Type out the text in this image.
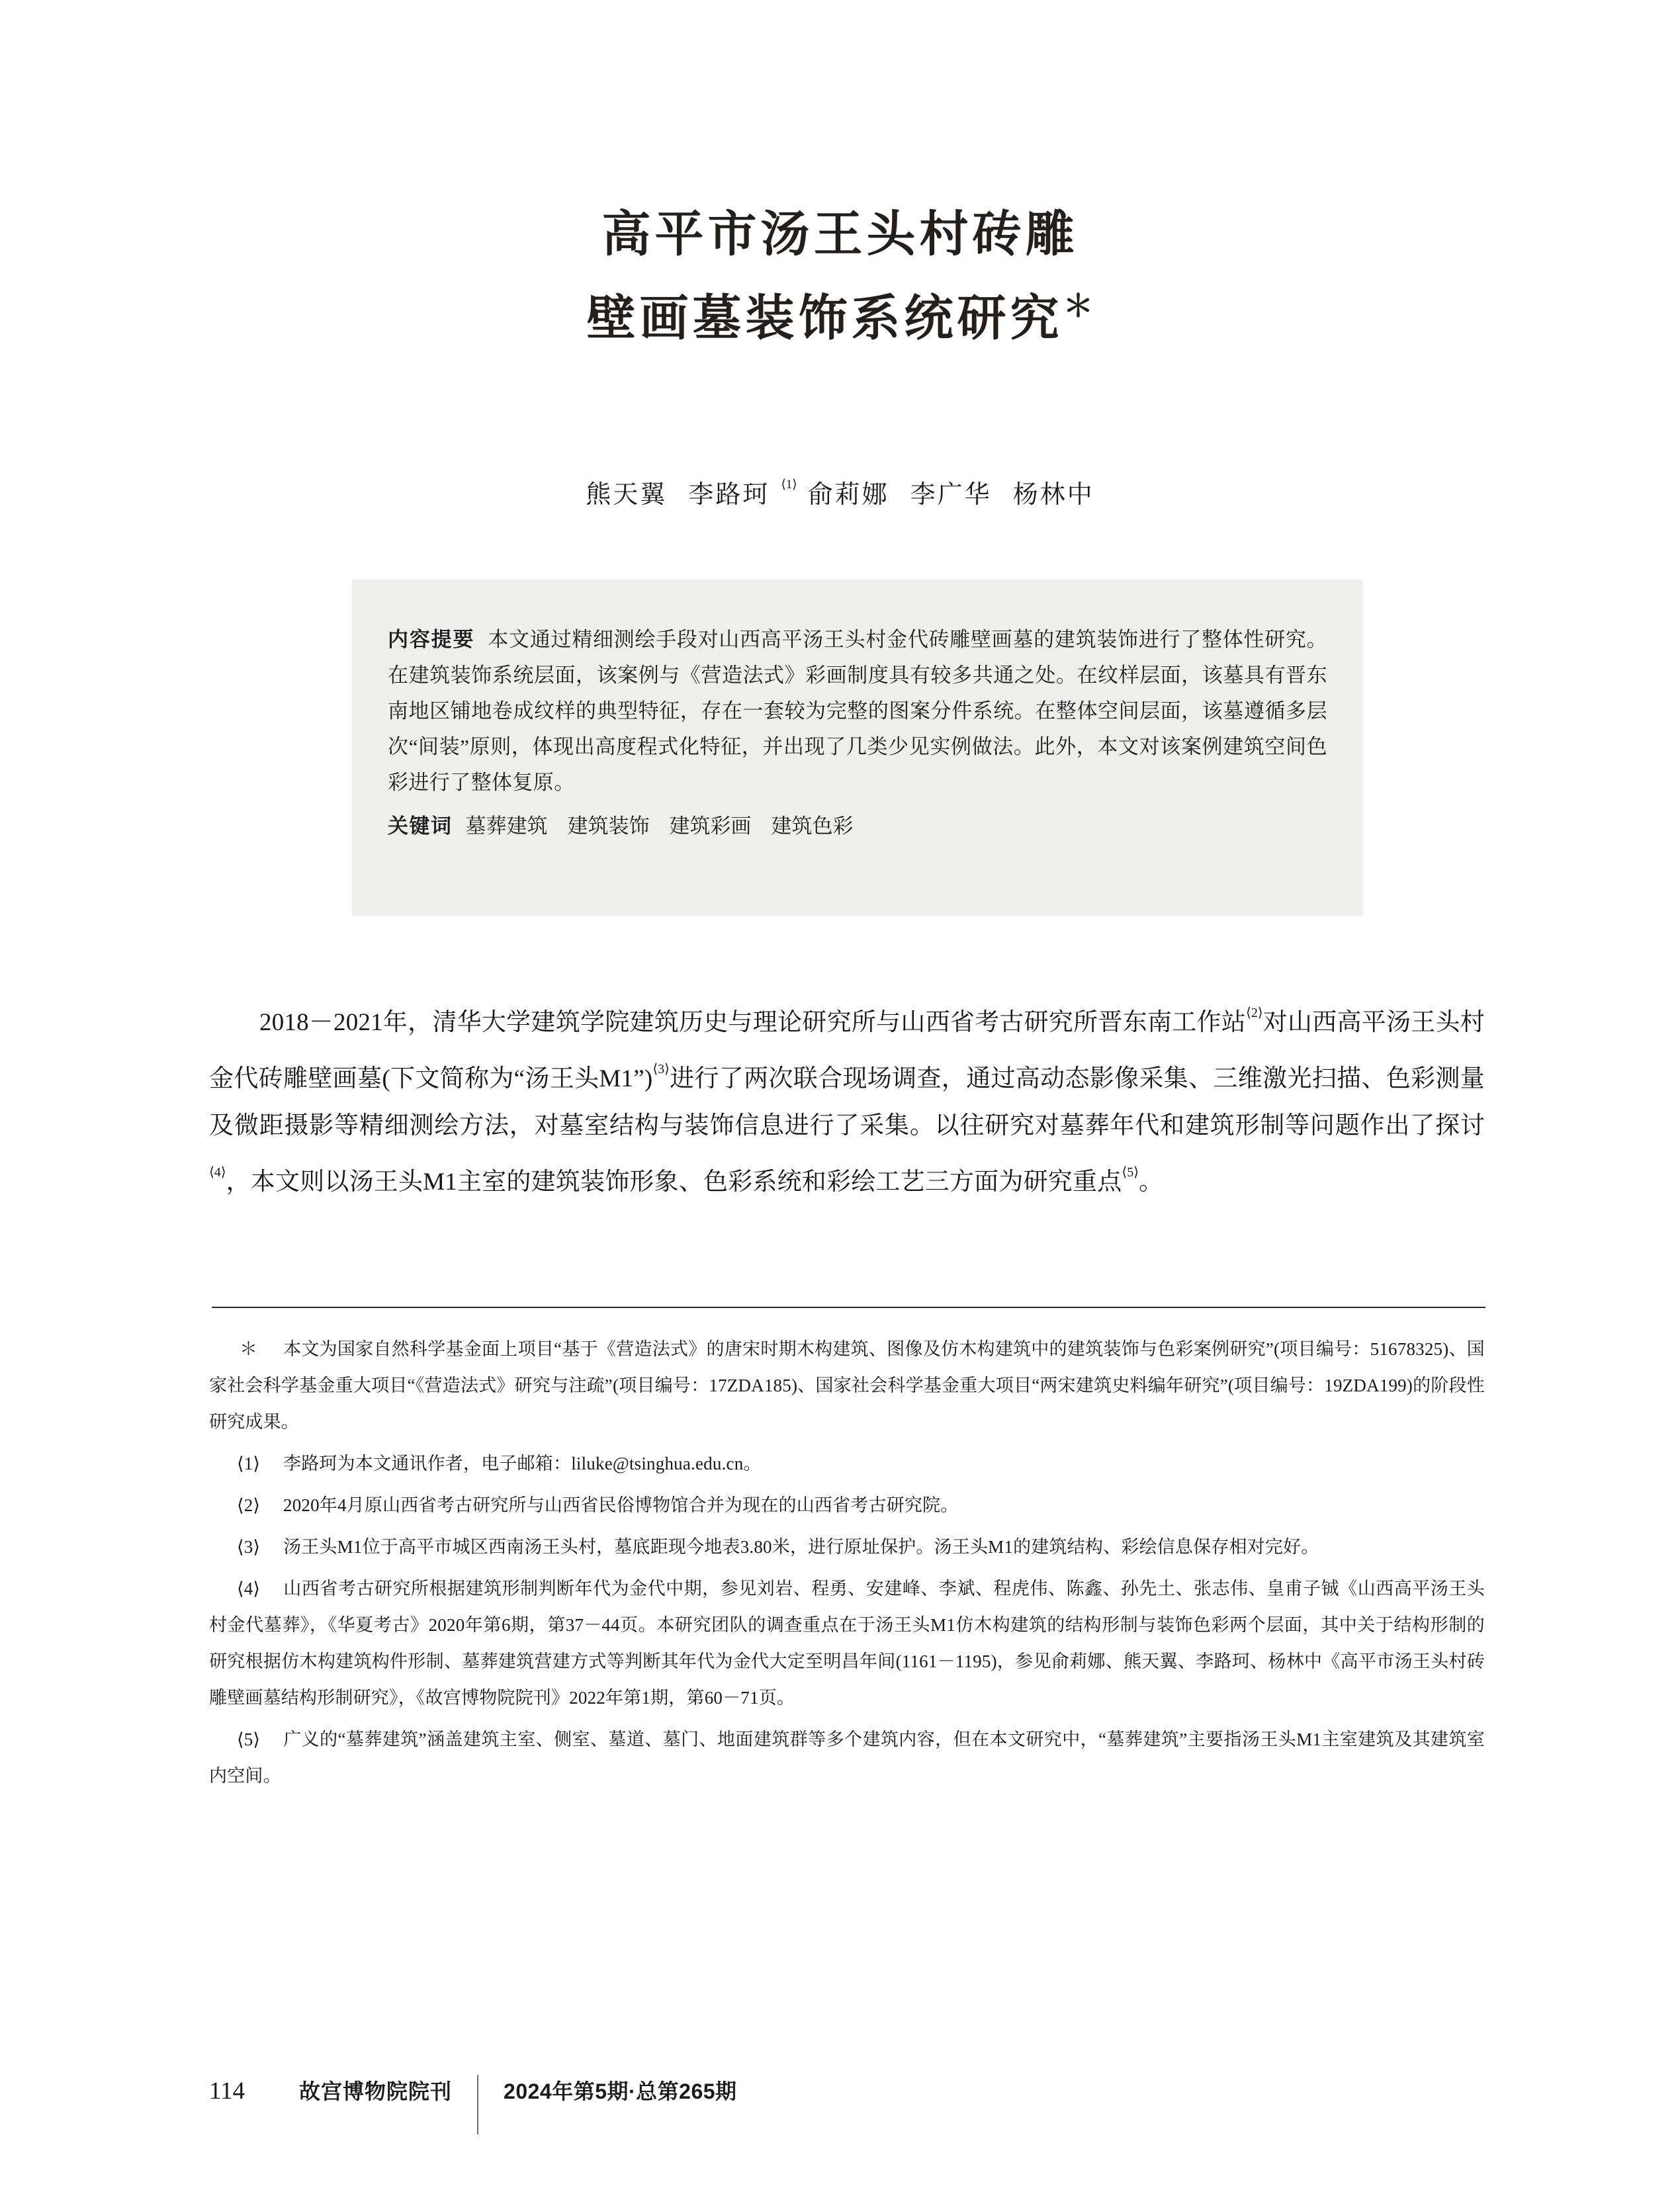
高平市汤王头村砖雕
壁画墓装饰系统研究＊
熊天翼 李路珂 $^{⟨1⟩}$ 俞莉娜 李广华 杨林中
内容提要 本文通过精细测绘手段对山西高平汤王头村金代砖雕壁画墓的建筑装饰进行了整体性研究。在建筑装饰系统层面，该案例与《营造法式》彩画制度具有较多共通之处。在纹样层面，该墓具有晋东南地区铺地卷成纹样的典型特征，存在一套较为完整的图案分件系统。在整体空间层面，该墓遵循多层次“间装”原则，体现出高度程式化特征，并出现了几类少见实例做法。此外，本文对该案例建筑空间色彩进行了整体复原。
关键词 墓葬建筑 建筑装饰 建筑彩画 建筑色彩
2018－2021年，清华大学建筑学院建筑历史与理论研究所与山西省考古研究所晋东南工作站$^{⟨2⟩}$对山西高平汤王头村金代砖雕壁画墓(下文简称为“汤王头M1”)$^{⟨3⟩}$进行了两次联合现场调查，通过高动态影像采集、三维激光扫描、色彩测量及微距摄影等精细测绘方法，对墓室结构与装饰信息进行了采集。以往研究对墓葬年代和建筑形制等问题作出了探讨$^{⟨4⟩}$，本文则以汤王头M1主室的建筑装饰形象、色彩系统和彩绘工艺三方面为研究重点$^{⟨5⟩}$。
＊ 本文为国家自然科学基金面上项目“基于《营造法式》的唐宋时期木构建筑、图像及仿木构建筑中的建筑装饰与色彩案例研究”(项目编号：51678325)、国家社会科学基金重大项目“《营造法式》研究与注疏”(项目编号：17ZDA185)、国家社会科学基金重大项目“两宋建筑史料编年研究”(项目编号：19ZDA199)的阶段性研究成果。
⟨1⟩ 李路珂为本文通讯作者，电子邮箱：liluke@tsinghua.edu.cn。
⟨2⟩ 2020年4月原山西省考古研究所与山西省民俗博物馆合并为现在的山西省考古研究院。
⟨3⟩ 汤王头M1位于高平市城区西南汤王头村，墓底距现今地表3.80米，进行原址保护。汤王头M1的建筑结构、彩绘信息保存相对完好。
⟨4⟩ 山西省考古研究所根据建筑形制判断年代为金代中期，参见刘岩、程勇、安建峰、李斌、程虎伟、陈鑫、孙先土、张志伟、皇甫子铖《山西高平汤王头村金代墓葬》，《华夏考古》2020年第6期，第37－44页。本研究团队的调查重点在于汤王头M1仿木构建筑的结构形制与装饰色彩两个层面，其中关于结构形制的研究根据仿木构建筑构件形制、墓葬建筑营建方式等判断其年代为金代大定至明昌年间(1161－1195)，参见俞莉娜、熊天翼、李路珂、杨林中《高平市汤王头村砖雕壁画墓结构形制研究》，《故宫博物院院刊》2022年第1期，第60－71页。
⟨5⟩ 广义的“墓葬建筑”涵盖建筑主室、侧室、墓道、墓门、地面建筑群等多个建筑内容，但在本文研究中，“墓葬建筑”主要指汤王头M1主室建筑及其建筑室内空间。
114	故宫博物院院刊	2024年第5期·总第265期
